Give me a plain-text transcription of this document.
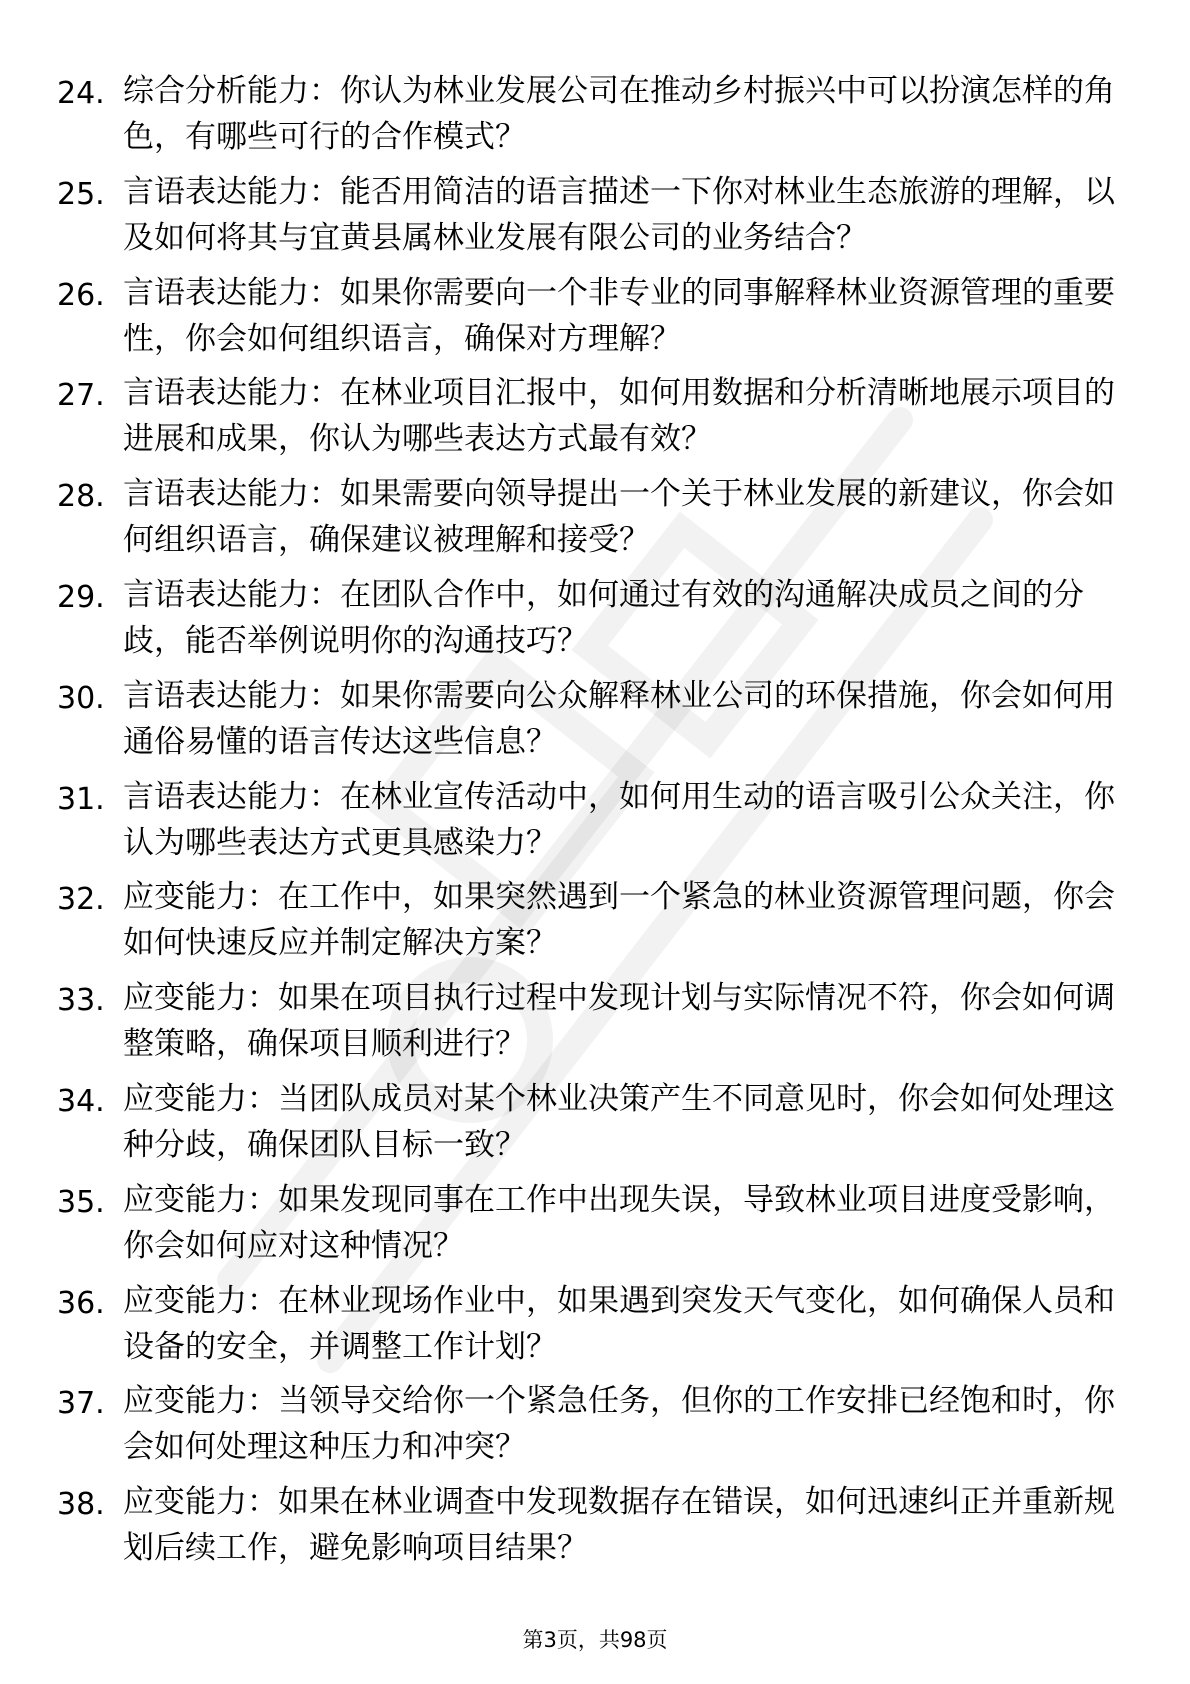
24. 综合分析能力：你认为林业发展公司在推动乡村振兴中可以扮演怎样的角色，有哪些可行的合作模式？
25. 言语表达能力：能否用简洁的语言描述一下你对林业生态旅游的理解，以及如何将其与宜黄县属林业发展有限公司的业务结合？
26. 言语表达能力：如果你需要向一个非专业的同事解释林业资源管理的重要性，你会如何组织语言，确保对方理解？
27. 言语表达能力：在林业项目汇报中，如何用数据和分析清晰地展示项目的进展和成果，你认为哪些表达方式最有效？
28. 言语表达能力：如果需要向领导提出一个关于林业发展的新建议，你会如何组织语言，确保建议被理解和接受？
29. 言语表达能力：在团队合作中，如何通过有效的沟通解决成员之间的分歧，能否举例说明你的沟通技巧？
30. 言语表达能力：如果你需要向公众解释林业公司的环保措施，你会如何用通俗易懂的语言传达这些信息？
31. 言语表达能力：在林业宣传活动中，如何用生动的语言吸引公众关注，你认为哪些表达方式更具感染力？
32. 应变能力：在工作中，如果突然遇到一个紧急的林业资源管理问题，你会如何快速反应并制定解决方案？
33. 应变能力：如果在项目执行过程中发现计划与实际情况不符，你会如何调整策略，确保项目顺利进行？
34. 应变能力：当团队成员对某个林业决策产生不同意见时，你会如何处理这种分歧，确保团队目标一致？
35. 应变能力：如果发现同事在工作中出现失误，导致林业项目进度受影响，你会如何应对这种情况？
36. 应变能力：在林业现场作业中，如果遇到突发天气变化，如何确保人员和设备的安全，并调整工作计划？
37. 应变能力：当领导交给你一个紧急任务，但你的工作安排已经饱和时，你会如何处理这种压力和冲突？
38. 应变能力：如果在林业调查中发现数据存在错误，如何迅速纠正并重新规划后续工作，避免影响项目结果？
第3页，共98页
